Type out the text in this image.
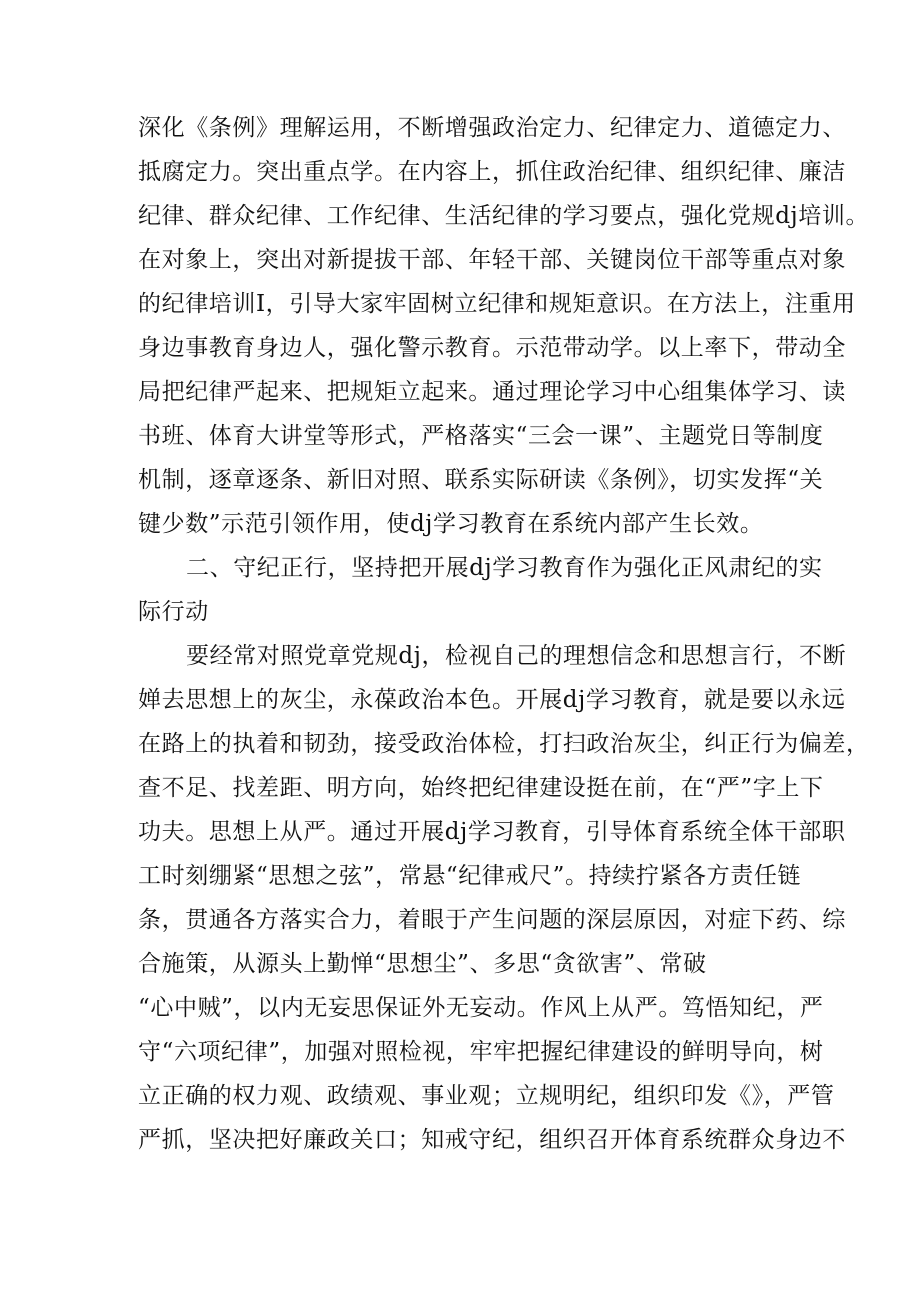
深化《条例》理解运用，不断增强政治定力、纪律定力、道德定力、
抵腐定力。突出重点学。在内容上，抓住政治纪律、组织纪律、廉洁
纪律、群众纪律、工作纪律、生活纪律的学习要点，强化党规dj培训。
在对象上，突出对新提拔干部、年轻干部、关键岗位干部等重点对象
的纪律培训I，引导大家牢固树立纪律和规矩意识。在方法上，注重用
身边事教育身边人，强化警示教育。示范带动学。以上率下，带动全
局把纪律严起来、把规矩立起来。通过理论学习中心组集体学习、读
书班、体育大讲堂等形式，严格落实“三会一课”、主题党日等制度
机制，逐章逐条、新旧对照、联系实际研读《条例》，切实发挥“关
键少数”示范引领作用，使dj学习教育在系统内部产生长效。
二、守纪正行，坚持把开展dj学习教育作为强化正风肃纪的实
际行动
要经常对照党章党规dj，检视自己的理想信念和思想言行，不断
婵去思想上的灰尘，永葆政治本色。开展dj学习教育，就是要以永远
在路上的执着和韧劲，接受政治体检，打扫政治灰尘，纠正行为偏差，
查不足、找差距、明方向，始终把纪律建设挺在前，在“严”字上下
功夫。思想上从严。通过开展dj学习教育，引导体育系统全体干部职
工时刻绷紧“思想之弦”，常悬“纪律戒尺”。持续拧紧各方责任链
条，贯通各方落实合力，着眼于产生问题的深层原因，对症下药、综
合施策，从源头上勤惮“思想尘”、多思“贪欲害”、常破
“心中贼”，以内无妄思保证外无妄动。作风上从严。笃悟知纪，严
守“六项纪律”，加强对照检视，牢牢把握纪律建设的鲜明导向，树
立正确的权力观、政绩观、事业观；立规明纪，组织印发《》，严管
严抓，坚决把好廉政关口；知戒守纪，组织召开体育系统群众身边不
